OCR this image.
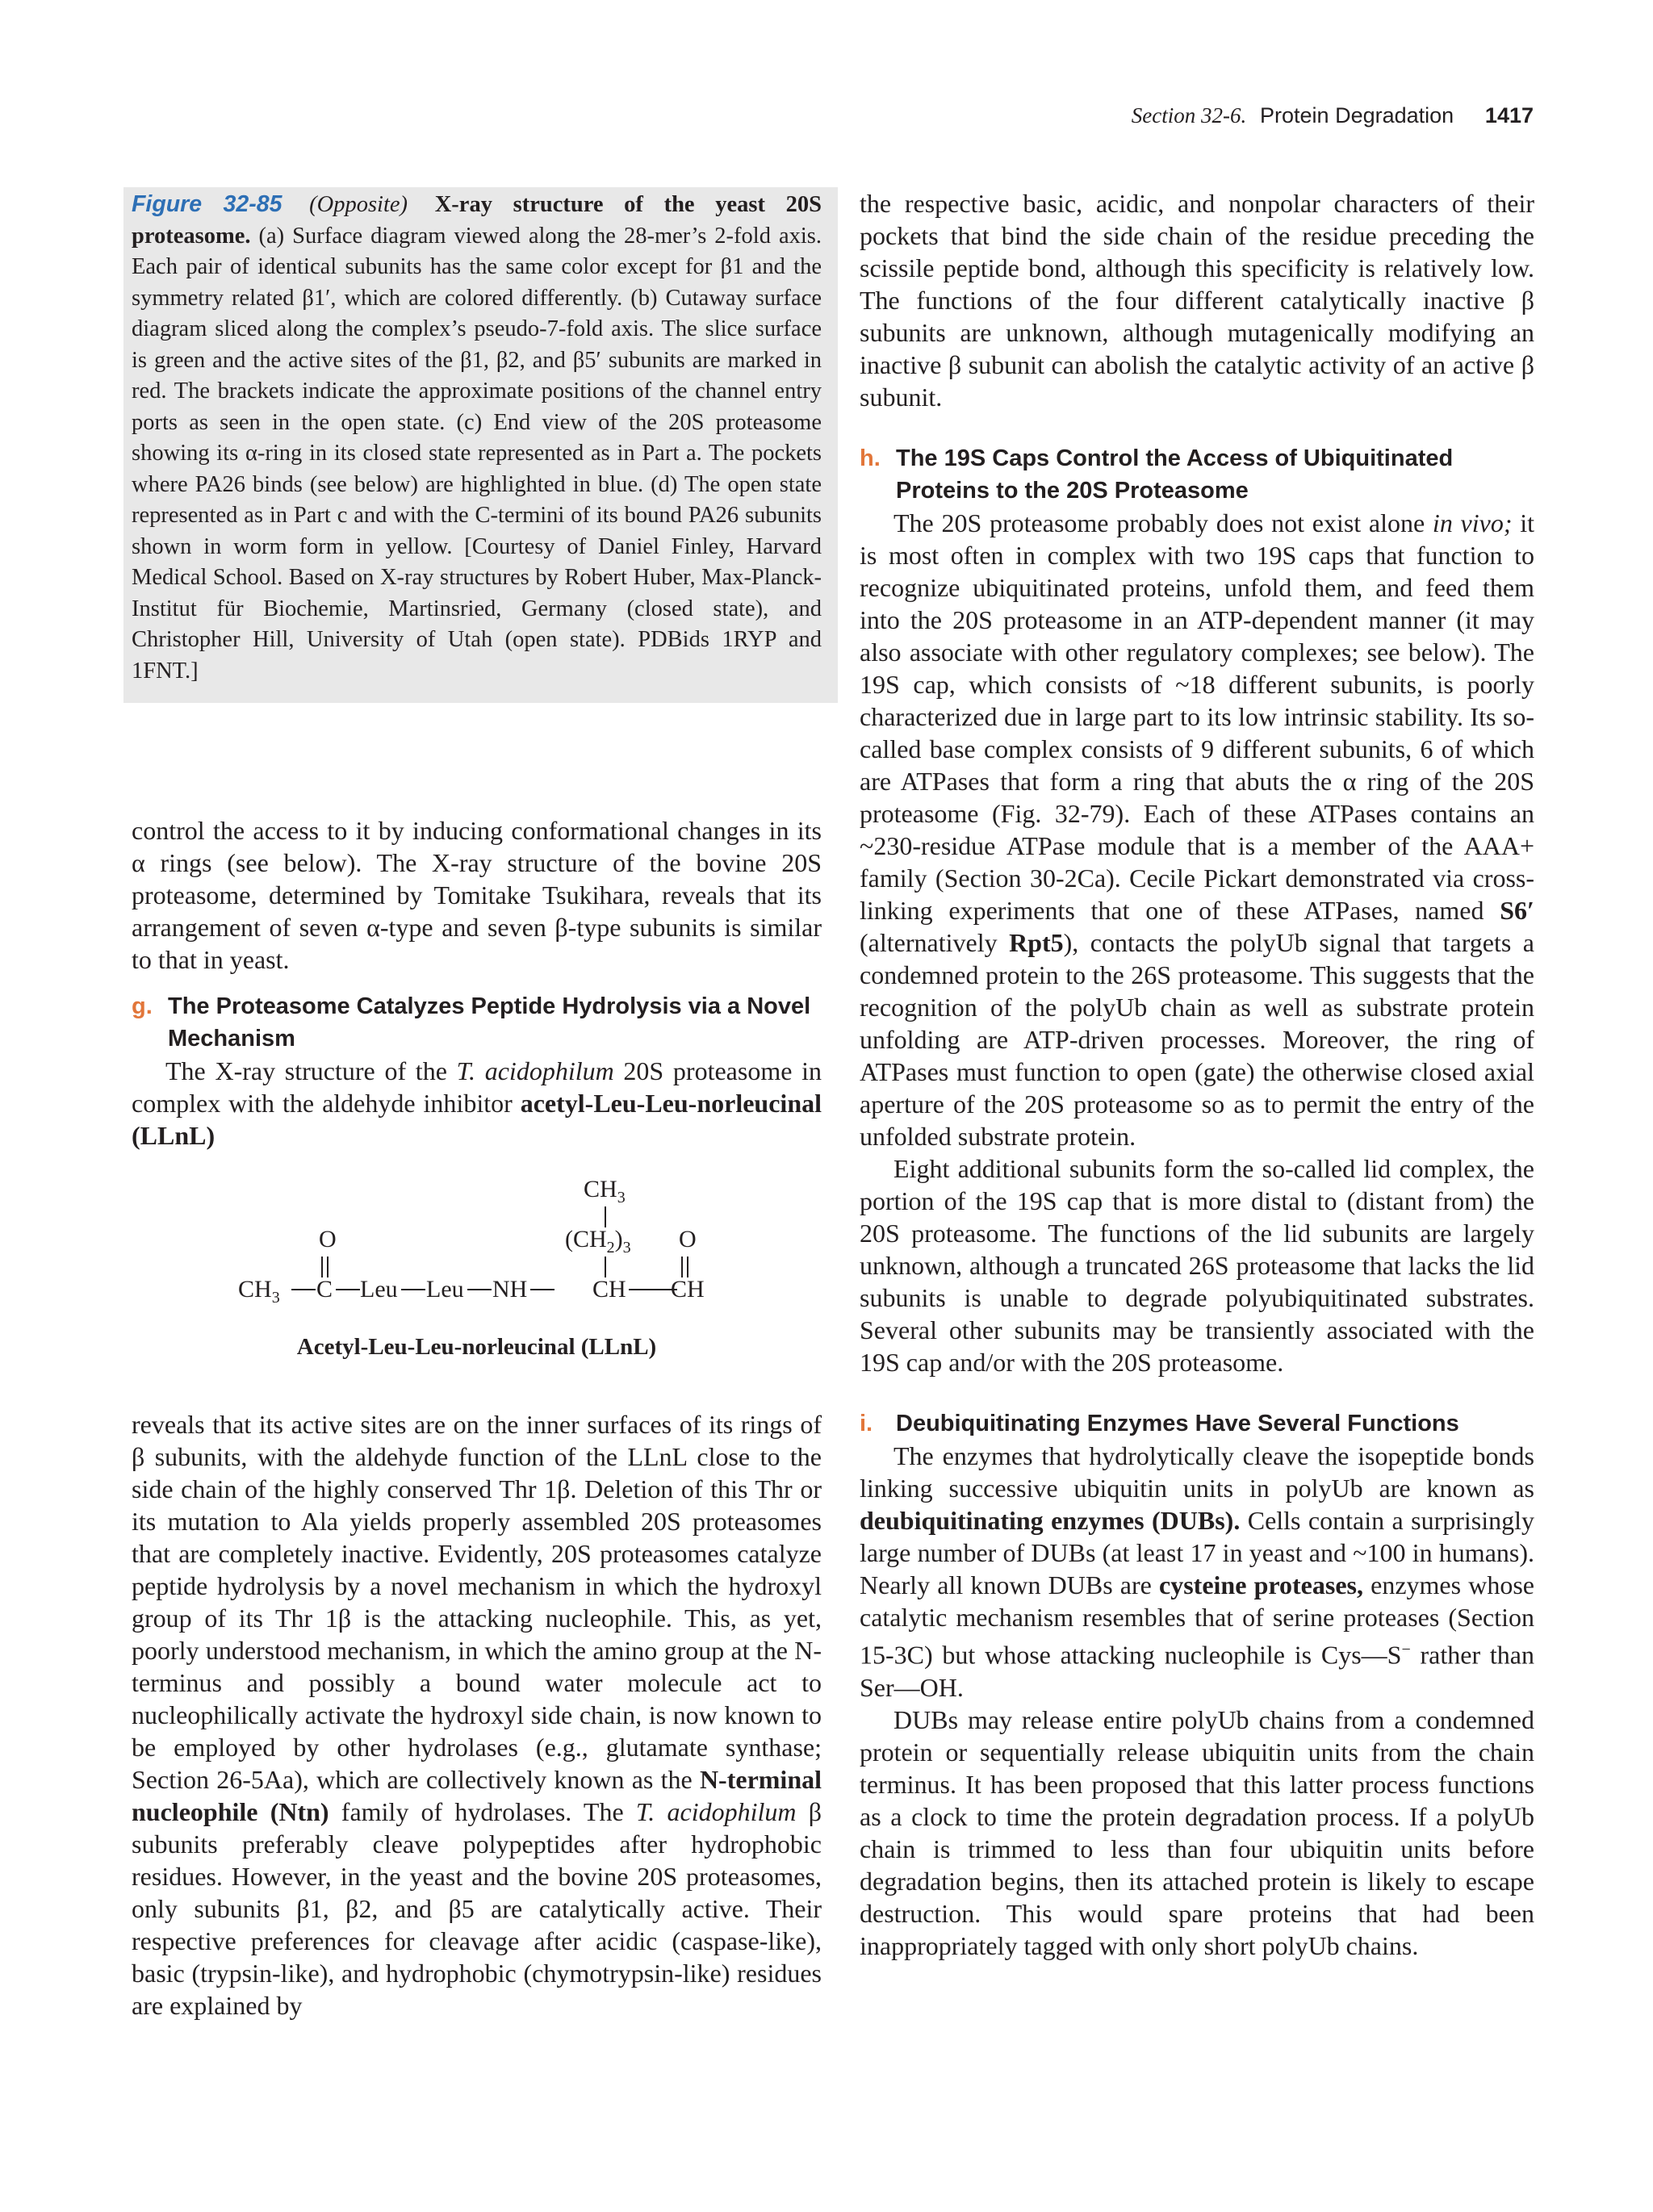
Section 32-6. Protein Degradation 1417
Figure 32-85 (Opposite) X-ray structure of the yeast 20S proteasome. (a) Surface diagram viewed along the 28-mer’s 2-fold axis. Each pair of identical subunits has the same color except for β1 and the symmetry related β1′, which are colored differently. (b) Cutaway surface diagram sliced along the complex’s pseudo-7-fold axis. The slice surface is green and the active sites of the β1, β2, and β5′ subunits are marked in red. The brackets indicate the approximate positions of the channel entry ports as seen in the open state. (c) End view of the 20S proteasome showing its α-ring in its closed state represented as in Part a. The pockets where PA26 binds (see below) are highlighted in blue. (d) The open state represented as in Part c and with the C-termini of its bound PA26 subunits shown in worm form in yellow. [Courtesy of Daniel Finley, Harvard Medical School. Based on X-ray structures by Robert Huber, Max-Planck-Institut für Biochemie, Martinsried, Germany (closed state), and Christopher Hill, University of Utah (open state). PDBids 1RYP and 1FNT.]

control the access to it by inducing conformational changes in its α rings (see below). The X-ray structure of the bovine 20S proteasome, determined by Tomitake Tsukihara, reveals that its arrangement of seven α-type and seven β-type subunits is similar to that in yeast.

g. The Proteasome Catalyzes Peptide Hydrolysis via a Novel Mechanism

The X-ray structure of the T. acidophilum 20S proteasome in complex with the aldehyde inhibitor acetyl-Leu-Leu-norleucinal (LLnL)

$CH_3$
$(CH_2)_3$
O	O
$CH_3$ C Leu Leu NH	CH CH
Acetyl-Leu-Leu-norleucinal (LLnL)

reveals that its active sites are on the inner surfaces of its rings of β subunits, with the aldehyde function of the LLnL close to the side chain of the highly conserved Thr 1β. Deletion of this Thr or its mutation to Ala yields properly assembled 20S proteasomes that are completely inactive. Evidently, 20S proteasomes catalyze peptide hydrolysis by a novel mechanism in which the hydroxyl group of its Thr 1β is the attacking nucleophile. This, as yet, poorly understood mechanism, in which the amino group at the N-terminus and possibly a bound water molecule act to nucleophilically activate the hydroxyl side chain, is now known to be employed by other hydrolases (e.g., glutamate synthase; Section 26-5Aa), which are collectively known as the N-terminal nucleophile (Ntn) family of hydrolases. The T. acidophilum β subunits preferably cleave polypeptides after hydrophobic residues. However, in the yeast and the bovine 20S proteasomes, only subunits β1, β2, and β5 are catalytically active. Their respective preferences for cleavage after acidic (caspase-like), basic (trypsin-like), and hydrophobic (chymotrypsin-like) residues are explained by

the respective basic, acidic, and nonpolar characters of their pockets that bind the side chain of the residue preceding the scissile peptide bond, although this specificity is relatively low. The functions of the four different catalytically inactive β subunits are unknown, although mutagenically modifying an inactive β subunit can abolish the catalytic activity of an active β subunit.

h. The 19S Caps Control the Access of Ubiquitinated Proteins to the 20S Proteasome

The 20S proteasome probably does not exist alone in vivo; it is most often in complex with two 19S caps that function to recognize ubiquitinated proteins, unfold them, and feed them into the 20S proteasome in an ATP-dependent manner (it may also associate with other regulatory complexes; see below). The 19S cap, which consists of ~18 different subunits, is poorly characterized due in large part to its low intrinsic stability. Its so-called base complex consists of 9 different subunits, 6 of which are ATPases that form a ring that abuts the α ring of the 20S proteasome (Fig. 32-79). Each of these ATPases contains an ~230-residue ATPase module that is a member of the AAA+ family (Section 30-2Ca). Cecile Pickart demonstrated via cross-linking experiments that one of these ATPases, named S6′ (alternatively Rpt5), contacts the polyUb signal that targets a condemned protein to the 26S proteasome. This suggests that the recognition of the polyUb chain as well as substrate protein unfolding are ATP-driven processes. Moreover, the ring of ATPases must function to open (gate) the otherwise closed axial aperture of the 20S proteasome so as to permit the entry of the unfolded substrate protein.

Eight additional subunits form the so-called lid complex, the portion of the 19S cap that is more distal to (distant from) the 20S proteasome. The functions of the lid subunits are largely unknown, although a truncated 26S proteasome that lacks the lid subunits is unable to degrade polyubiquitinated substrates. Several other subunits may be transiently associated with the 19S cap and/or with the 20S proteasome.

i. Deubiquitinating Enzymes Have Several Functions

The enzymes that hydrolytically cleave the isopeptide bonds linking successive ubiquitin units in polyUb are known as deubiquitinating enzymes (DUBs). Cells contain a surprisingly large number of DUBs (at least 17 in yeast and ~100 in humans). Nearly all known DUBs are cysteine proteases, enzymes whose catalytic mechanism resembles that of serine proteases (Section 15-3C) but whose attacking nucleophile is Cys—S− rather than Ser—OH.

DUBs may release entire polyUb chains from a condemned protein or sequentially release ubiquitin units from the chain terminus. It has been proposed that this latter process functions as a clock to time the protein degradation process. If a polyUb chain is trimmed to less than four ubiquitin units before degradation begins, then its attached protein is likely to escape destruction. This would spare proteins that had been inappropriately tagged with only short polyUb chains.
